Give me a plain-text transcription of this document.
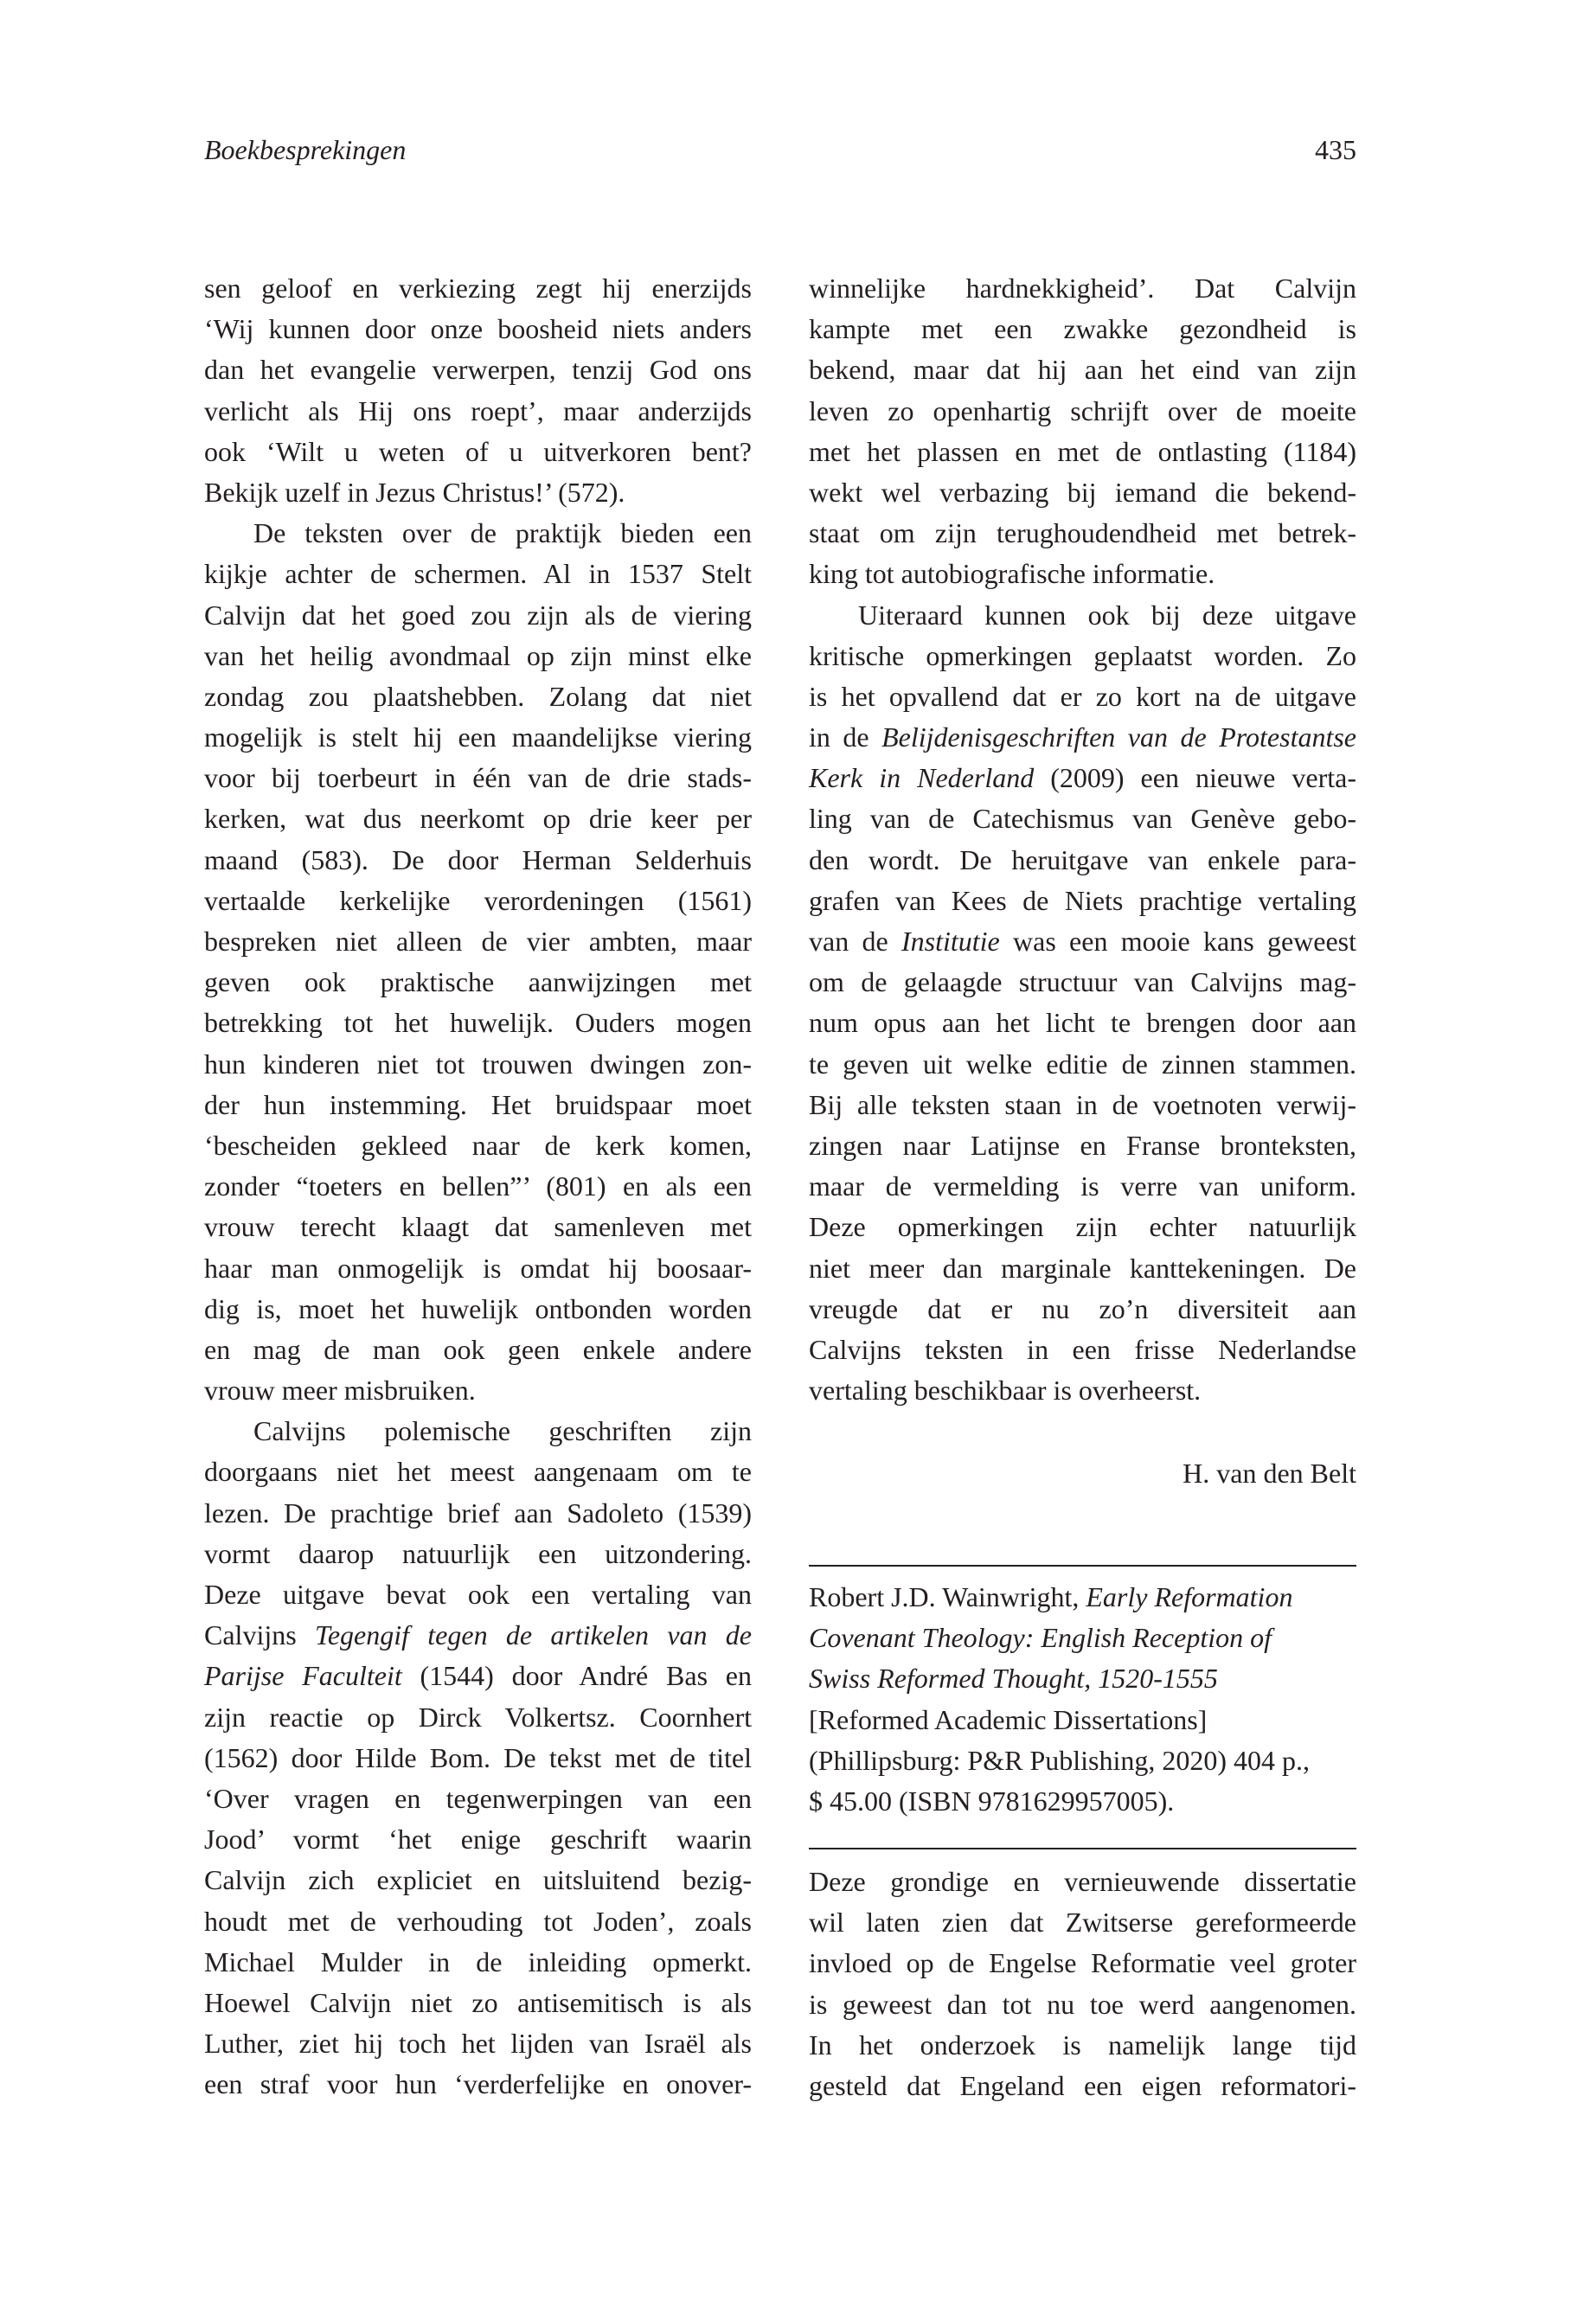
Boekbesprekingen	435
sen geloof en verkiezing zegt hij enerzijds
‘Wij kunnen door onze boosheid niets anders
dan het evangelie verwerpen, tenzij God ons
verlicht als Hij ons roept’, maar anderzijds
ook ‘Wilt u weten of u uitverkoren bent?
Bekijk uzelf in Jezus Christus!’ (572).
De teksten over de praktijk bieden een
kijkje achter de schermen. Al in 1537 Stelt
Calvijn dat het goed zou zijn als de viering
van het heilig avondmaal op zijn minst elke
zondag zou plaatshebben. Zolang dat niet
mogelijk is stelt hij een maandelijkse viering
voor bij toerbeurt in één van de drie stads-
kerken, wat dus neerkomt op drie keer per
maand (583). De door Herman Selderhuis
vertaalde kerkelijke verordeningen (1561)
bespreken niet alleen de vier ambten, maar
geven ook praktische aanwijzingen met
betrekking tot het huwelijk. Ouders mogen
hun kinderen niet tot trouwen dwingen zon-
der hun instemming. Het bruidspaar moet
‘bescheiden gekleed naar de kerk komen,
zonder “toeters en bellen”’ (801) en als een
vrouw terecht klaagt dat samenleven met
haar man onmogelijk is omdat hij boosaar-
dig is, moet het huwelijk ontbonden worden
en mag de man ook geen enkele andere
vrouw meer misbruiken.
Calvijns polemische geschriften zijn
doorgaans niet het meest aangenaam om te
lezen. De prachtige brief aan Sadoleto (1539)
vormt daarop natuurlijk een uitzondering.
Deze uitgave bevat ook een vertaling van
Calvijns Tegengif tegen de artikelen van de
Parijse Faculteit (1544) door André Bas en
zijn reactie op Dirck Volkertsz. Coornhert
(1562) door Hilde Bom. De tekst met de titel
‘Over vragen en tegenwerpingen van een
Jood’ vormt ‘het enige geschrift waarin
Calvijn zich expliciet en uitsluitend bezig-
houdt met de verhouding tot Joden’, zoals
Michael Mulder in de inleiding opmerkt.
Hoewel Calvijn niet zo antisemitisch is als
Luther, ziet hij toch het lijden van Israël als
een straf voor hun ‘verderfelijke en onover-
winnelijke hardnekkigheid’. Dat Calvijn
kampte met een zwakke gezondheid is
bekend, maar dat hij aan het eind van zijn
leven zo openhartig schrijft over de moeite
met het plassen en met de ontlasting (1184)
wekt wel verbazing bij iemand die bekend-
staat om zijn terughoudendheid met betrek-
king tot autobiografische informatie.
Uiteraard kunnen ook bij deze uitgave
kritische opmerkingen geplaatst worden. Zo
is het opvallend dat er zo kort na de uitgave
in de Belijdenisgeschriften van de Protestantse
Kerk in Nederland (2009) een nieuwe verta-
ling van de Catechismus van Genève gebo-
den wordt. De heruitgave van enkele para-
grafen van Kees de Niets prachtige vertaling
van de Institutie was een mooie kans geweest
om de gelaagde structuur van Calvijns mag-
num opus aan het licht te brengen door aan
te geven uit welke editie de zinnen stammen.
Bij alle teksten staan in de voetnoten verwij-
zingen naar Latijnse en Franse bronteksten,
maar de vermelding is verre van uniform.
Deze opmerkingen zijn echter natuurlijk
niet meer dan marginale kanttekeningen. De
vreugde dat er nu zo’n diversiteit aan
Calvijns teksten in een frisse Nederlandse
vertaling beschikbaar is overheerst.
H. van den Belt
Robert J.D. Wainwright, Early Reformation
Covenant Theology: English Reception of
Swiss Reformed Thought, 1520-1555
[Reformed Academic Dissertations]
(Phillipsburg: P&R Publishing, 2020) 404 p.,
$ 45.00 (ISBN 9781629957005).
Deze grondige en vernieuwende dissertatie
wil laten zien dat Zwitserse gereformeerde
invloed op de Engelse Reformatie veel groter
is geweest dan tot nu toe werd aangenomen.
In het onderzoek is namelijk lange tijd
gesteld dat Engeland een eigen reformatori-
